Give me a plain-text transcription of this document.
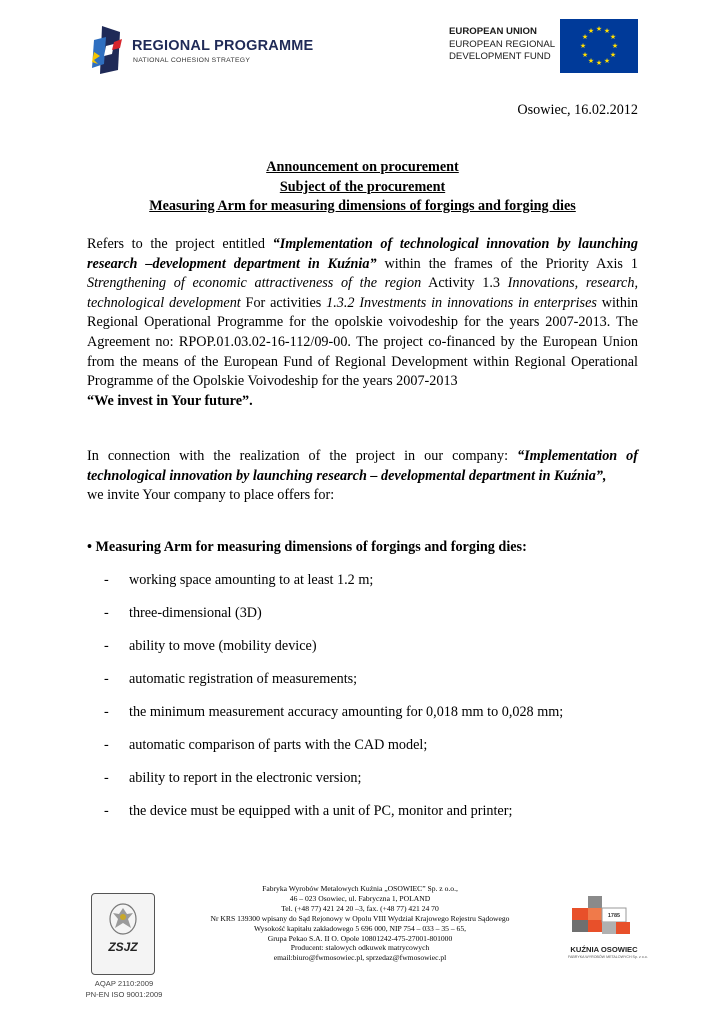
REGIONAL PROGRAMME
NATIONAL COHESION STRATEGY
EUROPEAN UNION
EUROPEAN REGIONAL
DEVELOPMENT FUND
★ ★
★
★
★
★
★
★
★
★
★
★
Osowiec, 16.02.2012
Announcement on procurement
Subject of the procurement
Measuring Arm for measuring dimensions of forgings and forging dies
Refers to the project entitled “Implementation of technological innovation by launching research –development department in Kuźnia” within the frames of the Priority Axis 1 Strengthening of economic attractiveness of the region Activity 1.3 Innovations, research, technological development For activities 1.3.2 Investments in innovations in enterprises within Regional Operational Programme for the opolskie voivodeship for the years 2007-2013. The Agreement no: RPOP.01.03.02-16-112/09-00. The project co-financed by the European Union from the means of the European Fund of Regional Development within Regional Operational Programme of the Opolskie Voivodeship for the years 2007-2013
“We invest in Your future”.
In connection with the realization of the project in our company: “Implementation of technological innovation by launching research – developmental department in Kuźnia”,
we invite Your company to place offers for:
• Measuring Arm for measuring dimensions of forgings and forging dies:
- working space amounting to at least 1.2 m;
- three-dimensional (3D)
- ability to move (mobility device)
- automatic registration of measurements;
- the minimum measurement accuracy amounting for 0,018 mm to 0,028 mm;
- automatic comparison of parts with the CAD model;
- ability to report in the electronic version;
- the device must be equipped with a unit of PC, monitor and printer;
ZSJZ
AQAP 2110:2009
PN-EN ISO 9001:2009
Fabryka Wyrobów Metalowych Kuźnia „OSOWIEC” Sp. z o.o.,
46 – 023 Osowiec, ul. Fabryczna 1, POLAND
Tel. (+48 77) 421 24 20 –3, fax. (+48 77) 421 24 70
Nr KRS 139300 wpisany do Sąd Rejonowy w Opolu VIII Wydział Krajowego Rejestru Sądowego
Wysokość kapitału zakładowego 5 696 000, NIP 754 – 033 – 35 – 65,
Grupa Pekao S.A. II O. Opole 10801242-475-27001-801000
Producent: stalowych odkuwek matrycowych
email:biuro@fwmosowiec.pl, sprzedaz@fwmosowiec.pl
1785
KUŹNIA OSOWIEC
FABRYKA WYROBÓW METALOWYCH Sp. z o.o.
